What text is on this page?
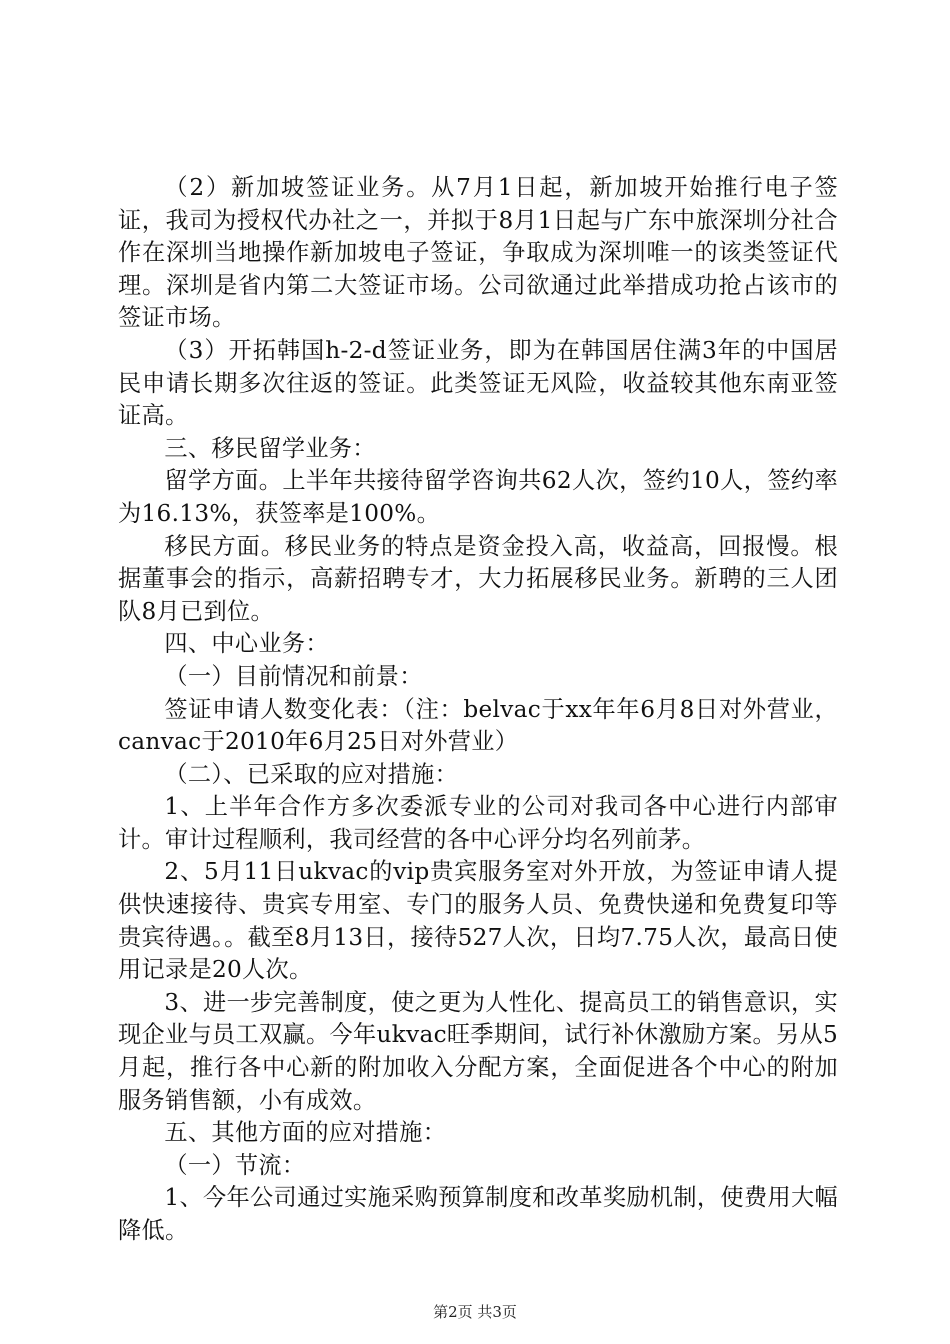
（2）新加坡签证业务。从7月1日起，新加坡开始推行电子签证，我司为授权代办社之一，并拟于8月1日起与广东中旅深圳分社合作在深圳当地操作新加坡电子签证，争取成为深圳唯一的该类签证代理。深圳是省内第二大签证市场。公司欲通过此举措成功抢占该市的签证市场。

（3）开拓韩国h-2-d签证业务，即为在韩国居住满3年的中国居民申请长期多次往返的签证。此类签证无风险，收益较其他东南亚签证高。

三、移民留学业务：

留学方面。上半年共接待留学咨询共62人次，签约10人，签约率为16.13%，获签率是100%。

移民方面。移民业务的特点是资金投入高，收益高，回报慢。根据董事会的指示，高薪招聘专才，大力拓展移民业务。新聘的三人团队8月已到位。

四、中心业务：

（一）目前情况和前景：

签证申请人数变化表：（注：belvac于xx年年6月8日对外营业，canvac于2010年6月25日对外营业）

（二）、已采取的应对措施：

1、上半年合作方多次委派专业的公司对我司各中心进行内部审计。审计过程顺利，我司经营的各中心评分均名列前茅。

2、5月11日ukvac的vip贵宾服务室对外开放，为签证申请人提供快速接待、贵宾专用室、专门的服务人员、免费快递和免费复印等贵宾待遇。。截至8月13日，接待527人次，日均7.75人次，最高日使用记录是20人次。

3、进一步完善制度，使之更为人性化、提高员工的销售意识，实现企业与员工双赢。今年ukvac旺季期间，试行补休激励方案。另从5月起，推行各中心新的附加收入分配方案，全面促进各个中心的附加服务销售额，小有成效。

五、其他方面的应对措施：

（一）节流：

1、今年公司通过实施采购预算制度和改革奖励机制，使费用大幅降低。

第2页 共3页
